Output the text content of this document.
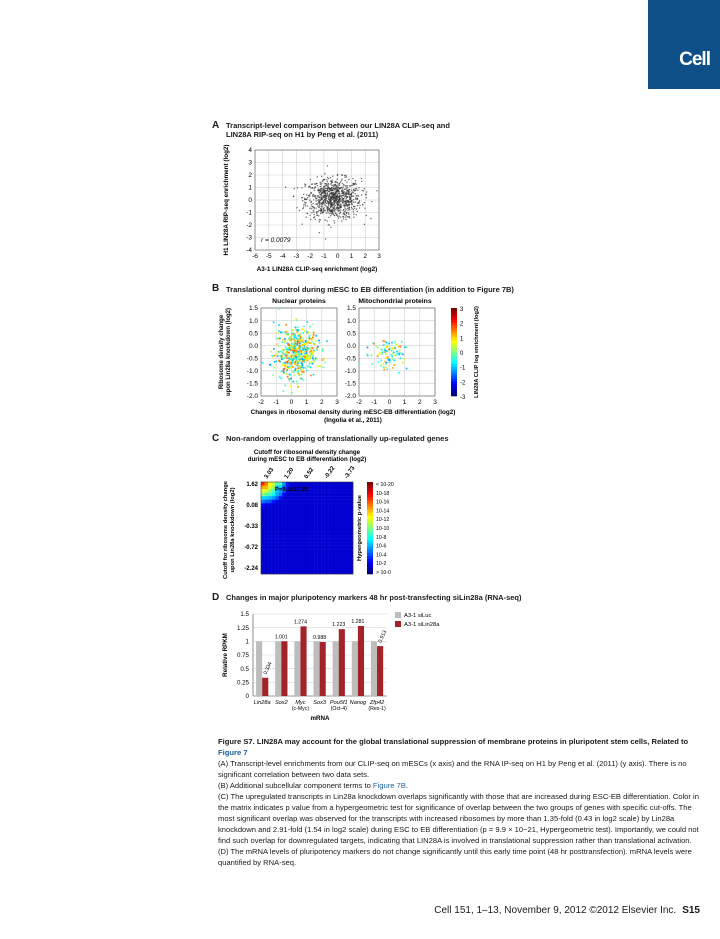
Cell
A Transcript-level comparison between our LIN28A CLIP-seq and
LIN28A RIP-seq on H1 by Peng et al. (2011)
-6 -5 -4 -3 -2 -1 0 1 2 3
4
3
2
1
0
-1
-2
-3
-4
r = 0.0079
A3-1 LIN28A CLIP-seq enrichment (log2)
H1 LIN28A RIP-seq enrichment (log2)
B Translational control during mESC to EB differentiation (in addition to Figure 7B)
Nuclear proteins	Mitochondrial proteins
-2 -1 0 1 2 3
1.5
1.0
0.5
0.0
-0.5
-1.0
-1.5
-2.0
-2 -1 0 1 2 3
1.5
1.0
0.5
0.0
-0.5
-1.0
-1.5
-2.0
3
2
1
0
-1
-2
-3
LIN28A CLIP log enrichment (log2)
Ribosome density change upon Lin28a knockdown (log2)
Changes in ribosomal density during mESC-EB differentiation (log2)
(Ingolia et al., 2011)
C Non-random overlapping of translationally up-regulated genes
Cutoff for ribosomal density change
during mESC to EB differentiation (log2)
Cutoff for ribosome density change upon Lin28a knockdown (log2)	P=9.9x10-21
3.03 1.20 0.52 -0.22 -3.73
1.62
0.08
-0.33
-0.72
-2.24
< 10-20
10-18
10-16
10-14
10-12
10-10
10-8
10-6
10-4
10-2
> 10-0
Hypergeometric p-value
D Changes in major pluripotency markers 48 hr post-transfecting siLin28a (RNA-seq)
1.5
1.25
1
0.75
0.5
0.25
0
0.334
Lin28a
1.001
Sox2
1.274
Myc
(c-Myc)
0.988
Sox3
1.223
Pou5f1
(Oct-4)
1.281
Nanog
0.913
Zfp42
(Rex-1)
mRNA
Relative RPKM
A3-1 siLuc
A3-1 siLin28a

Figure S7. LIN28A may account for the global translational suppression of membrane proteins in pluripotent stem cells, Related to Figure 7

(A) Transcript-level enrichments from our CLIP-seq on mESCs (x axis) and the RNA IP-seq on H1 by Peng et al. (2011) (y axis). There is no significant correlation between two data sets.

(B) Additional subcellular component terms to Figure 7B.

(C) The upregulated transcripts in Lin28a knockdown overlaps significantly with those that are increased during ESC-EB differentiation. Color in the matrix indicates p value from a hypergeometric test for significance of overlap between the two groups of genes with specific cut-offs. The most significant overlap was observed for the transcripts with increased ribosomes by more than 1.35-fold (0.43 in log2 scale) by Lin28a knockdown and 2.91-fold (1.54 in log2 scale) during ESC to EB differentiation (p = 9.9 × 10−21, Hypergeometric test). Importantly, we could not find such overlap for downregulated targets, indicating that LIN28A is involved in translational suppression rather than translational activation.

(D) The mRNA levels of pluripotency markers do not change significantly until this early time point (48 hr posttransfection). mRNA levels were quantified by RNA-seq.

Cell 151, 1–13, November 9, 2012 ©2012 Elsevier Inc. S15
